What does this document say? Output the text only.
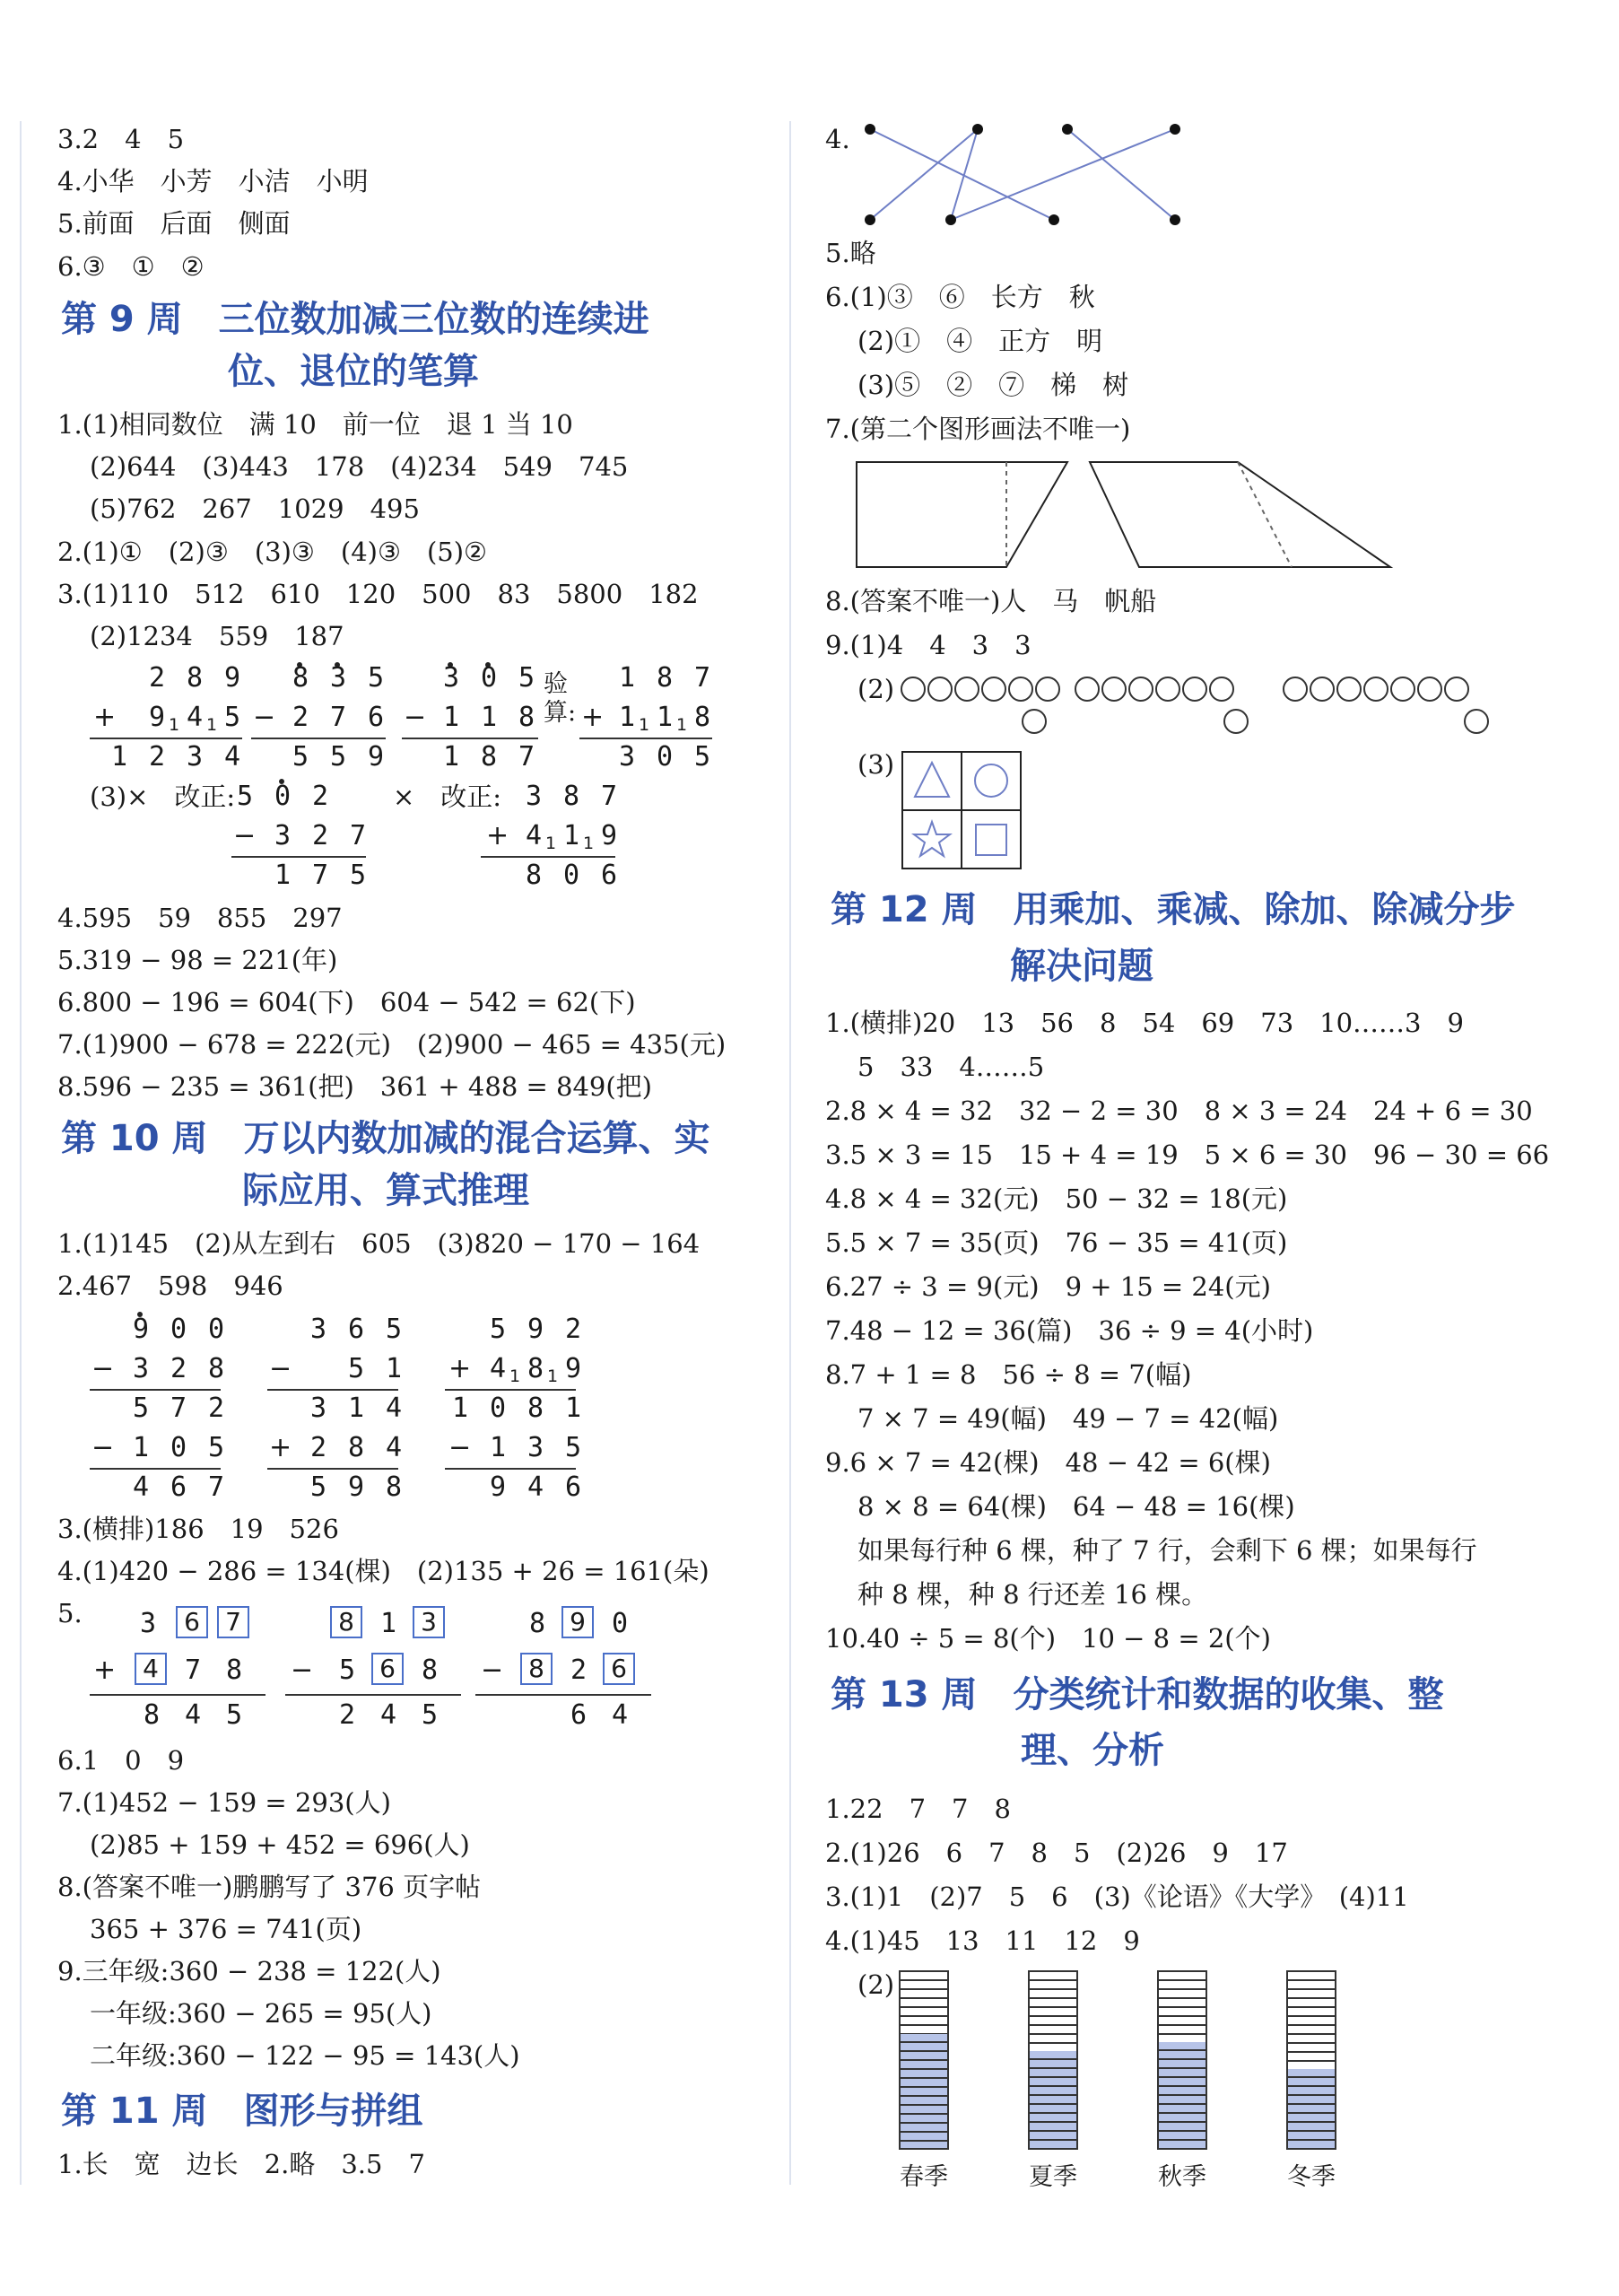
3.2　4　5
4.小华　小芳　小洁　小明
5.前面　后面　侧面
6.③　①　②
第 9 周　三位数加减三位数的连续进
位、退位的笔算
1.(1)相同数位　满 10　前一位　退 1 当 10
(2)644　(3)443　178　(4)234　549　745
(5)762　267　1029　495
2.(1)①　(2)③　(3)③　(4)③　(5)②
3.(1)110　512　610　120　500　83　5800　182
(2)1234　559　187
2 8 9
+ 9 1 4 1 5
1 2 3 4
8 3 5
− 2 7 6
5 5 9
3 0 5
− 1 1 8
1 8 7
验
算:
1 8 7
+ 1 1 1 1 8
3 0 5
(3)×　改正: 5 0 2
− 3 2 7
1 7 5
×　改正: 3 8 7
+ 4 1 1 1 9
8 0 6
4.595　59　855　297
5.319 − 98 = 221(年)
6.800 − 196 = 604(下)　604 − 542 = 62(下)
7.(1)900 − 678 = 222(元)　(2)900 − 465 = 435(元)
8.596 − 235 = 361(把)　361 + 488 = 849(把)
第 10 周　万以内数加减的混合运算、实
际应用、算式推理
1.(1)145　(2)从左到右　605　(3)820 − 170 − 164
2.467　598　946
9 0 0
− 3 2 8
5 7 2
− 1 0 5
4 6 7
3 6 5
− 5 1
3 1 4
+ 2 8 4
5 9 8
5 9 2
+ 4 1 8 1 9
1 0 8 1
− 1 3 5
9 4 6
3.(横排)186　19　526
4.(1)420 − 286 = 134(棵)　(2)135 + 26 = 161(朵)
5. 3	6	7
+	4 7 8
8 4 5
8 1 3
− 5 6 8
2 4 5
8 9 0
− 8 2 6
6 4
6.1　0　9
7.(1)452 − 159 = 293(人)
(2)85 + 159 + 452 = 696(人)
8.(答案不唯一)鹏鹏写了 376 页字帖
365 + 376 = 741(页)
9.三年级:360 − 238 = 122(人)
一年级:360 − 265 = 95(人)
二年级:360 − 122 − 95 = 143(人)
第 11 周　图形与拼组
1.长　宽　边长　2.略　3.5　7
4.
5.略
6.(1)③　⑥　长方　秋
(2)①　④　正方　明
(3)⑤　②　⑦　梯　树
7.(第二个图形画法不唯一)
8.(答案不唯一)人　马　帆船
9.(1)4　4　3　3
(2)
(3)
第 12 周　用乘加、乘减、除加、除减分步
解决问题
1.(横排)20　13　56　8　54　69　73　10……3　9
5　33　4……5
2.8 × 4 = 32　32 − 2 = 30　8 × 3 = 24　24 + 6 = 30
3.5 × 3 = 15　15 + 4 = 19　5 × 6 = 30　96 − 30 = 66
4.8 × 4 = 32(元)　50 − 32 = 18(元)
5.5 × 7 = 35(页)　76 − 35 = 41(页)
6.27 ÷ 3 = 9(元)　9 + 15 = 24(元)
7.48 − 12 = 36(篇)　36 ÷ 9 = 4(小时)
8.7 + 1 = 8　56 ÷ 8 = 7(幅)
7 × 7 = 49(幅)　49 − 7 = 42(幅)
9.6 × 7 = 42(棵)　48 − 42 = 6(棵)
8 × 8 = 64(棵)　64 − 48 = 16(棵)
如果每行种 6 棵，种了 7 行，会剩下 6 棵；如果每行
种 8 棵，种 8 行还差 16 棵。
10.40 ÷ 5 = 8(个)　10 − 8 = 2(个)
第 13 周　分类统计和数据的收集、整
理、分析
1.22　7　7　8
2.(1)26　6　7　8　5　(2)26　9　17
3.(1)1　(2)7　5　6　(3)《论语》《大学》　(4)11
4.(1)45　13　11　12　9
(2)
春季	夏季	秋季	冬季
